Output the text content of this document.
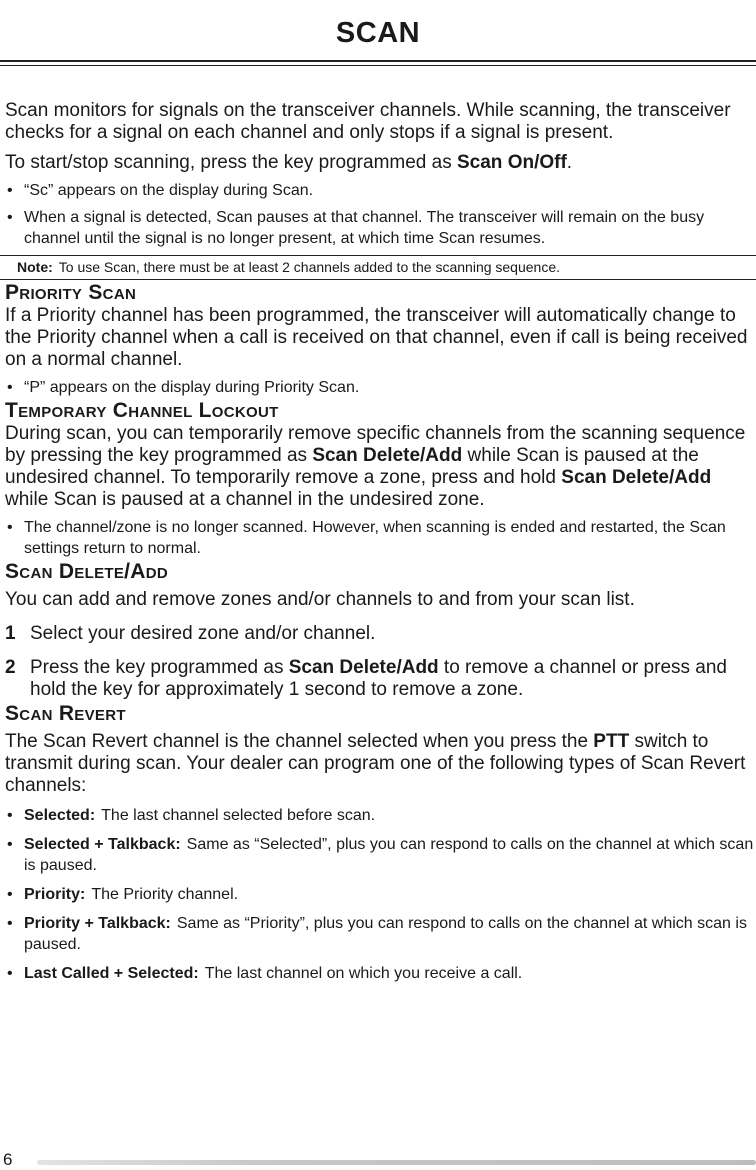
SCAN

Scan monitors for signals on the transceiver channels. While scanning, the transceiver checks for a signal on each channel and only stops if a signal is present.

To start/stop scanning, press the key programmed as Scan On/Off.

• “Sc” appears on the display during Scan.
• When a signal is detected, Scan pauses at that channel. The transceiver will remain on the busy channel until the signal is no longer present, at which time Scan resumes.
Note: To use Scan, there must be at least 2 channels added to the scanning sequence.
Priority Scan

If a Priority channel has been programmed, the transceiver will automatically change to the Priority channel when a call is received on that channel, even if call is being received on a normal channel.

• “P” appears on the display during Priority Scan.
Temporary Channel Lockout

During scan, you can temporarily remove specific channels from the scanning sequence by pressing the key programmed as Scan Delete/Add while Scan is paused at the undesired channel. To temporarily remove a zone, press and hold Scan Delete/Add while Scan is paused at a channel in the undesired zone.

• The channel/zone is no longer scanned. However, when scanning is ended and restarted, the Scan settings return to normal.
Scan Delete/Add

You can add and remove zones and/or channels to and from your scan list.

1 Select your desired zone and/or channel.
2 Press the key programmed as Scan Delete/Add to remove a channel or press and hold the key for approximately 1 second to remove a zone.
Scan Revert

The Scan Revert channel is the channel selected when you press the PTT switch to transmit during scan. Your dealer can program one of the following types of Scan Revert channels:

• Selected: The last channel selected before scan.
• Selected + Talkback: Same as “Selected”, plus you can respond to calls on the channel at which scan is paused.
• Priority: The Priority channel.
• Priority + Talkback: Same as “Priority”, plus you can respond to calls on the channel at which scan is paused.
• Last Called + Selected: The last channel on which you receive a call.
6
